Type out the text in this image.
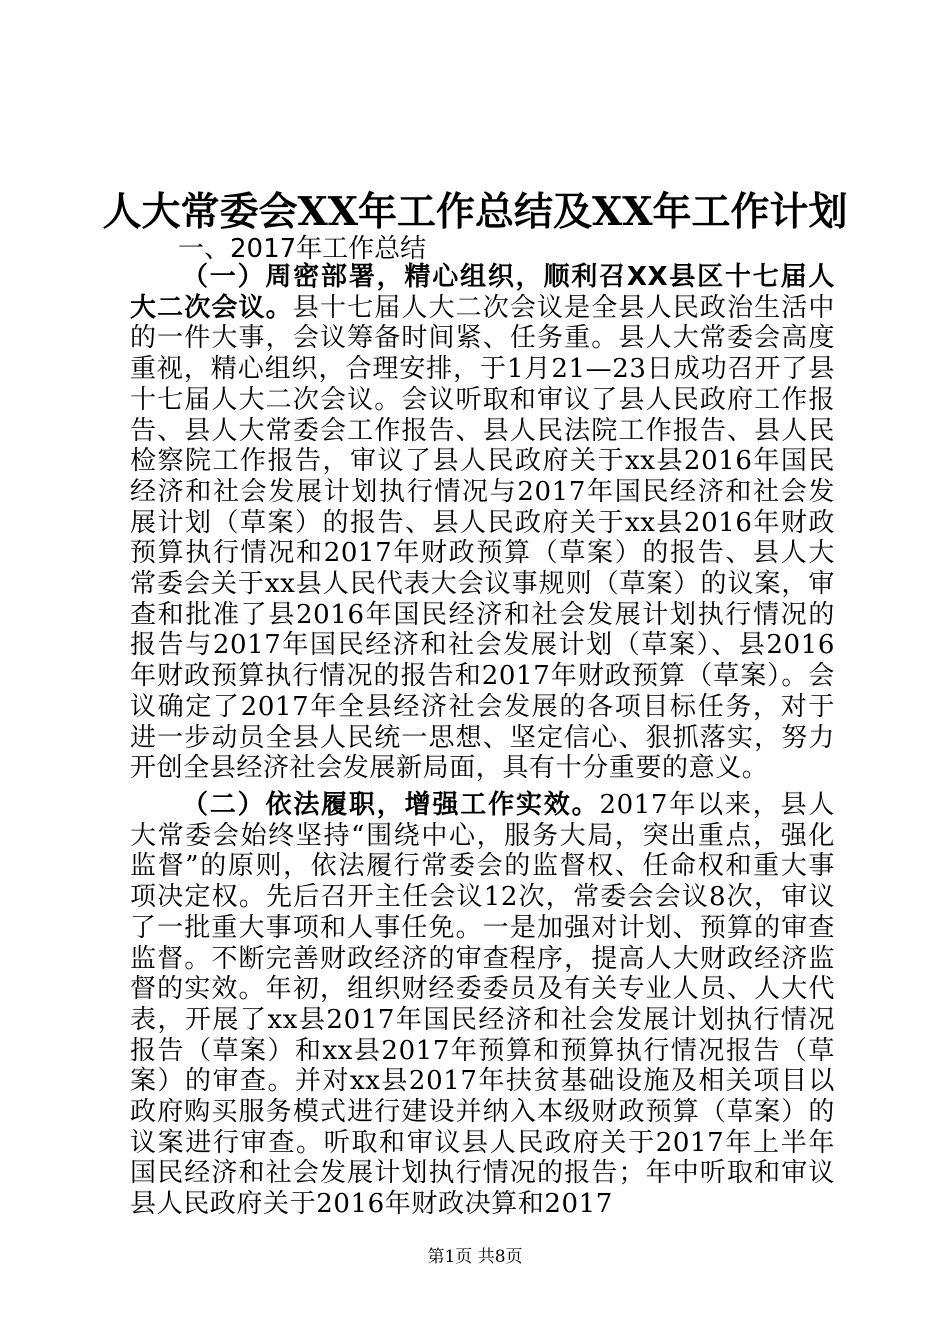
人大常委会XX年工作总结及XX年工作计划
一、2017年工作总结

（一）周密部署，精心组织，顺利召XX县区十七届人大二次会议。县十七届人大二次会议是全县人民政治生活中的一件大事，会议筹备时间紧、任务重。县人大常委会高度重视，精心组织，合理安排，于1月21—23日成功召开了县十七届人大二次会议。会议听取和审议了县人民政府工作报告、县人大常委会工作报告、县人民法院工作报告、县人民检察院工作报告，审议了县人民政府关于xx县2016年国民经济和社会发展计划执行情况与2017年国民经济和社会发展计划（草案）的报告、县人民政府关于xx县2016年财政预算执行情况和2017年财政预算（草案）的报告、县人大常委会关于xx县人民代表大会议事规则（草案）的议案，审查和批准了县2016年国民经济和社会发展计划执行情况的报告与2017年国民经济和社会发展计划（草案）、县2016年财政预算执行情况的报告和2017年财政预算（草案）。会议确定了2017年全县经济社会发展的各项目标任务，对于进一步动员全县人民统一思想、坚定信心、狠抓落实，努力开创全县经济社会发展新局面，具有十分重要的意义。

（二）依法履职，增强工作实效。2017年以来，县人大常委会始终坚持“围绕中心，服务大局，突出重点，强化监督”的原则，依法履行常委会的监督权、任命权和重大事项决定权。先后召开主任会议12次，常委会会议8次，审议了一批重大事项和人事任免。一是加强对计划、预算的审查监督。不断完善财政经济的审查程序，提高人大财政经济监督的实效。年初，组织财经委委员及有关专业人员、人大代表，开展了xx县2017年国民经济和社会发展计划执行情况报告（草案）和xx县2017年预算和预算执行情况报告（草案）的审查。并对xx县2017年扶贫基础设施及相关项目以政府购买服务模式进行建设并纳入本级财政预算（草案）的议案进行审查。听取和审议县人民政府关于2017年上半年国民经济和社会发展计划执行情况的报告；年中听取和审议县人民政府关于2016年财政决算和2017

第1页 共8页
